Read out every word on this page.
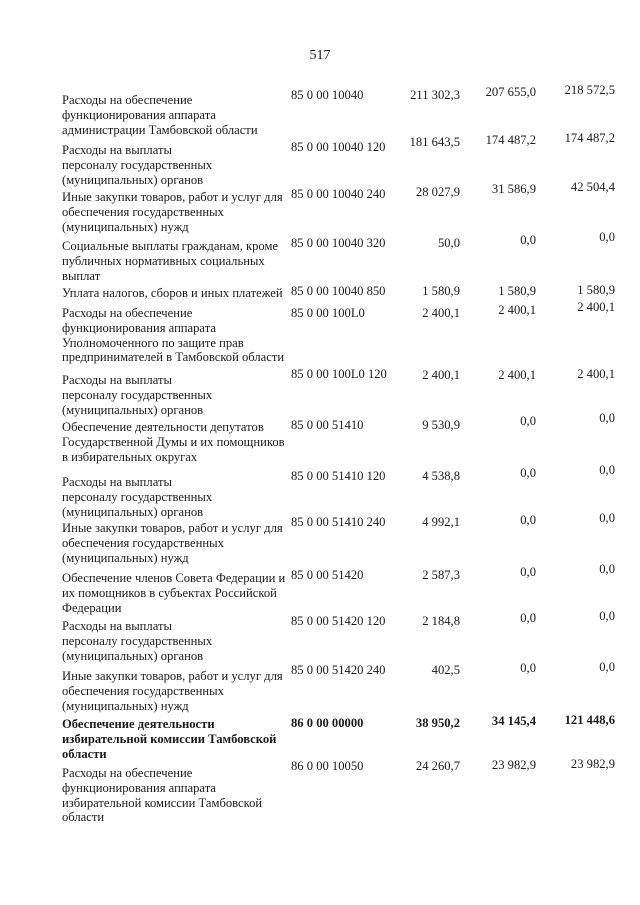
517
Расходы на обеспечение
функционирования аппарата
администрации Тамбовской области
85 0 00 10040	211 302,3	207 655,0	218 572,5
Расходы на выплаты
персоналу государственных
(муниципальных) органов
85 0 00 10040 120	181 643,5	174 487,2	174 487,2
Иные закупки товаров, работ и услуг для
обеспечения государственных
(муниципальных) нужд
85 0 00 10040 240	28 027,9	31 586,9	42 504,4
Социальные выплаты гражданам, кроме
публичных нормативных социальных
выплат
85 0 00 10040 320	50,0	0,0	0,0
Уплата налогов, сборов и иных платежей 85 0 00 10040 850	1 580,9	1 580,9	1 580,9
Расходы на обеспечение
функционирования аппарата
Уполномоченного по защите прав
предпринимателей в Тамбовской области
85 0 00 100L0	2 400,1	2 400,1	2 400,1
Расходы на выплаты
персоналу государственных
(муниципальных) органов
85 0 00 100L0 120	2 400,1	2 400,1	2 400,1
Обеспечение деятельности депутатов
Государственной Думы и их помощников
в избирательных округах
85 0 00 51410	9 530,9	0,0	0,0
Расходы на выплаты
персоналу государственных
(муниципальных) органов
85 0 00 51410 120	4 538,8	0,0	0,0
Иные закупки товаров, работ и услуг для
обеспечения государственных
(муниципальных) нужд
85 0 00 51410 240	4 992,1	0,0	0,0
Обеспечение членов Совета Федерации и
их помощников в субъектах Российской
Федерации
85 0 00 51420	2 587,3	0,0	0,0
Расходы на выплаты
персоналу государственных
(муниципальных) органов
85 0 00 51420 120	2 184,8	0,0	0,0
Иные закупки товаров, работ и услуг для
обеспечения государственных
(муниципальных) нужд
85 0 00 51420 240	402,5	0,0	0,0
Обеспечение деятельности
избирательной комиссии Тамбовской
области
86 0 00 00000	38 950,2	34 145,4	121 448,6
Расходы на обеспечение
функционирования аппарата
избирательной комиссии Тамбовской
области
86 0 00 10050	24 260,7	23 982,9	23 982,9
